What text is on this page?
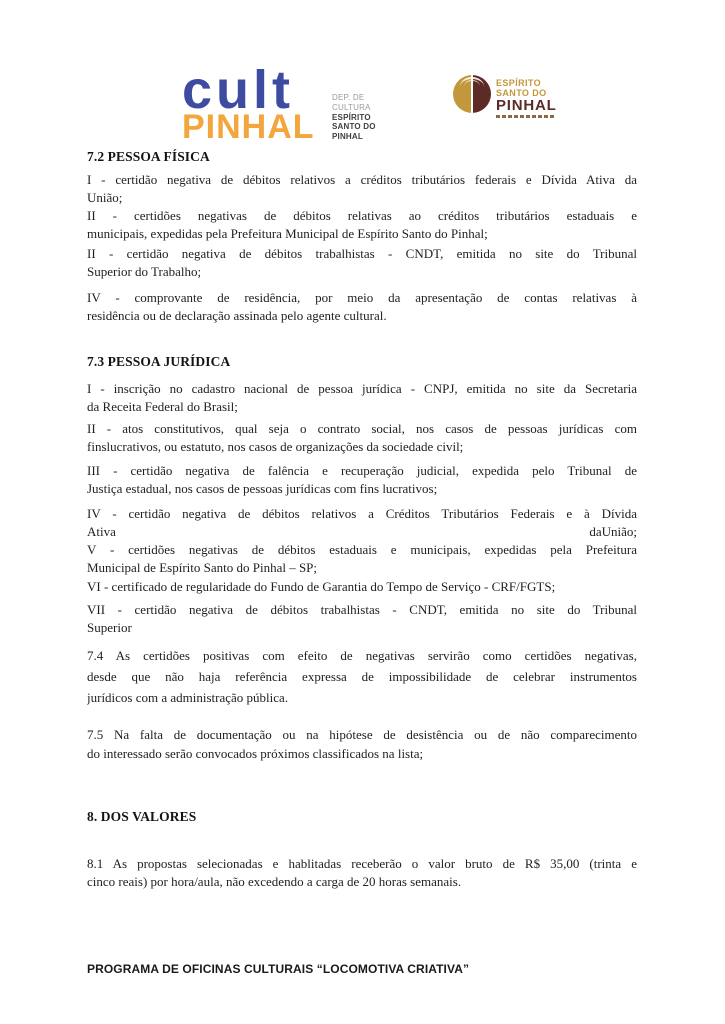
cult
PINHAL
DEP. DE
CULTURA
ESPÍRITO
SANTO DO
PINHAL
ESPÍRITO
SANTO DO
PINHAL
7.2 PESSOA FÍSICA
I - certidão negativa de débitos relativos a créditos tributários federais e Dívida Ativa da
União;
II - certidões negativas de débitos relativas ao créditos tributários estaduais e
municipais, expedidas pela Prefeitura Municipal de Espírito Santo do Pinhal;
II - certidão negativa de débitos trabalhistas - CNDT, emitida no site do Tribunal
Superior do Trabalho;
IV - comprovante de residência, por meio da apresentação de contas relativas à
residência ou de declaração assinada pelo agente cultural.
7.3 PESSOA JURÍDICA
I - inscrição no cadastro nacional de pessoa jurídica - CNPJ, emitida no site da Secretaria
da Receita Federal do Brasil;
II - atos constitutivos, qual seja o contrato social, nos casos de pessoas jurídicas com
finslucrativos, ou estatuto, nos casos de organizações da sociedade civil;
III - certidão negativa de falência e recuperação judicial, expedida pelo Tribunal de
Justiça estadual, nos casos de pessoas jurídicas com fins lucrativos;
IV - certidão negativa de débitos relativos a Créditos Tributários Federais e à Dívida
Ativa	daUnião;
V - certidões negativas de débitos estaduais e municipais, expedidas pela Prefeitura
Municipal de Espírito Santo do Pinhal – SP;
VI - certificado de regularidade do Fundo de Garantia do Tempo de Serviço - CRF/FGTS;
VII - certidão negativa de débitos trabalhistas - CNDT, emitida no site do Tribunal
Superior
7.4 As certidões positivas com efeito de negativas servirão como certidões negativas,
desde que não haja referência expressa de impossibilidade de celebrar instrumentos
jurídicos com a administração pública.
7.5 Na falta de documentação ou na hipótese de desistência ou de não comparecimento
do interessado serão convocados próximos classificados na lista;
8. DOS VALORES
8.1 As propostas selecionadas e hablitadas receberão o valor bruto de R$ 35,00 (trinta e
cinco reais) por hora/aula, não excedendo a carga de 20 horas semanais.
PROGRAMA DE OFICINAS CULTURAIS “LOCOMOTIVA CRIATIVA”
